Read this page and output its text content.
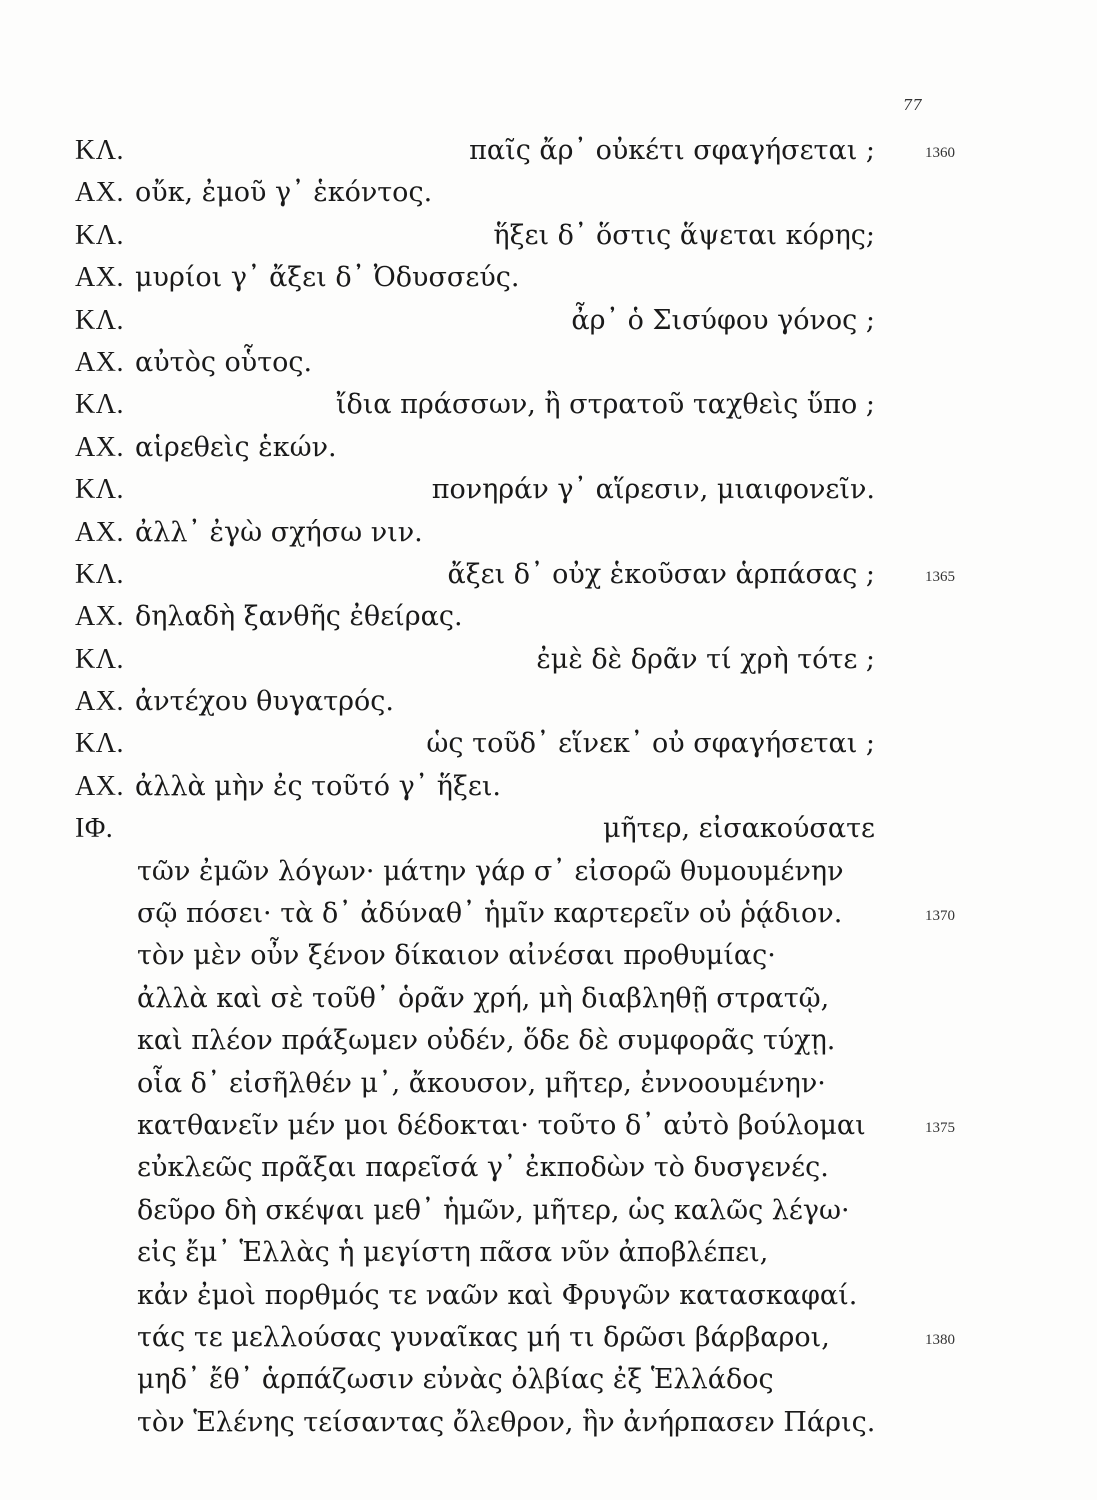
77
ΚΛ.	παῖς ἄρ᾽ οὐκέτι σφαγήσεται ;	1360
ΑΧ. οὔκ, ἐμοῦ γ᾽ ἑκόντος.
ΚΛ.	ἥξει δ᾽ ὅστις ἅψεται κόρης;
ΑΧ. μυρίοι γ᾽ ἄξει δ᾽ Ὀδυσσεύς.
ΚΛ.	ἆρ᾽ ὁ Σισύφου γόνος ;
ΑΧ. αὐτὸς οὗτος.
ΚΛ.	ἴδια πράσσων, ἢ στρατοῦ ταχθεὶς ὕπο ;
ΑΧ. αἱρεθεὶς ἑκών.
ΚΛ.	πονηράν γ᾽ αἵρεσιν, μιαιφονεῖν.
ΑΧ. ἀλλ᾽ ἐγὼ σχήσω νιν.
ΚΛ.	ἄξει δ᾽ οὐχ ἑκοῦσαν ἁρπάσας ;	1365
ΑΧ. δηλαδὴ ξανθῆς ἐθείρας.
ΚΛ.	ἐμὲ δὲ δρᾶν τί χρὴ τότε ;
ΑΧ. ἀντέχου θυγατρός.
ΚΛ.	ὡς τοῦδ᾽ εἵνεκ᾽ οὐ σφαγήσεται ;
ΑΧ. ἀλλὰ μὴν ἐς τοῦτό γ᾽ ἥξει.
ΙΦ.	μῆτερ, εἰσακούσατε
τῶν ἐμῶν λόγων· μάτην γάρ σ᾽ εἰσορῶ θυμουμένην
σῷ πόσει· τὰ δ᾽ ἀδύναθ᾽ ἡμῖν καρτερεῖν οὐ ῥᾴδιον.	1370
τὸν μὲν οὖν ξένον δίκαιον αἰνέσαι προθυμίας·
ἀλλὰ καὶ σὲ τοῦθ᾽ ὁρᾶν χρή, μὴ διαβληθῇ στρατῷ,
καὶ πλέον πράξωμεν οὐδέν, ὅδε δὲ συμφορᾶς τύχῃ.
οἷα δ᾽ εἰσῆλθέν μ᾽, ἄκουσον, μῆτερ, ἐννοουμένην·
κατθανεῖν μέν μοι δέδοκται· τοῦτο δ᾽ αὐτὸ βούλομαι	1375
εὐκλεῶς πρᾶξαι παρεῖσά γ᾽ ἐκποδὼν τὸ δυσγενές.
δεῦρο δὴ σκέψαι μεθ᾽ ἡμῶν, μῆτερ, ὡς καλῶς λέγω·
εἰς ἔμ᾽ Ἑλλὰς ἡ μεγίστη πᾶσα νῦν ἀποβλέπει,
κἀν ἐμοὶ πορθμός τε ναῶν καὶ Φρυγῶν κατασκαφαί.
τάς τε μελλούσας γυναῖκας μή τι δρῶσι βάρβαροι,	1380
μηδ᾽ ἔθ᾽ ἁρπάζωσιν εὐνὰς ὀλβίας ἐξ Ἑλλάδος
τὸν Ἑλένης τείσαντας ὄλεθρον, ἣν ἀνήρπασεν Πάρις.
